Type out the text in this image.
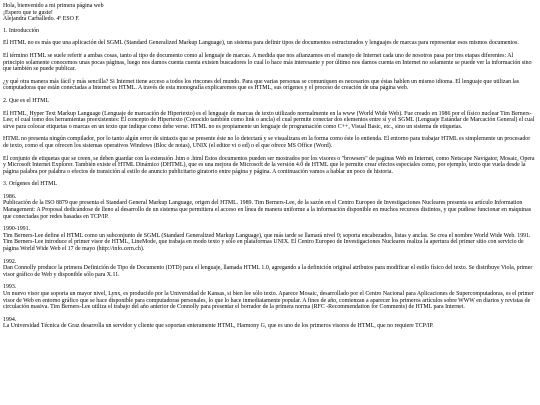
Hola, bienvenido a mi primera página web
¡Espero que te guste!
Alejandra Carballedo. 4º ESO F.

1. Introducción

El HTML no es más que una aplicación del SGML (Standard Generalized Markup Language), un sistema para definir tipos de documentos estructurados y lenguajes de marcas para representar esos mismos documentos.

El término HTML se suele referir a ambas cosas, tanto al tipo de documento como al lenguaje de marcas. A medida que nos afianzamos en el manejo de Internet cada uno de nosotros pasa por tres etapas diferentes: Al principio solamente conocemos unas pocas páginas, luego nos damos cuenta cuenta existen buscadores lo cual lo hace más interesante y por último nos damos cuenta en Internet no solamente se puede ver la información sino que también se puede publicar.

¿y qué otra manera más fácil y más sencilla? Si Internet tiene acceso a todos los rincones del mundo. Para que varias personas se comuniquen es necesarios que éstas hablen un mismo idioma. El lenguaje que utilizan las computadoras que están conectadas a Internet es HTML. A través de esta monografía explicaremos que es HTML, sus orígenes y el proceso de creación de una página web.

2. Que es el HTML

El HTML, Hyper Text Markup Language (Lenguaje de marcación de Hipertexto) es el lenguaje de marcas de texto utilizado normalmente en la www (World Wide Web). Fue creado en 1986 por el físico nuclear Tim Berners-Lee; el cual tomo dos herramientas preexistentes: El concepto de Hipertexto (Conocido también como link o ancla) el cual permite conectar dos elementos entre sí y el SGML (Lenguaje Estándar de Marcación General) el cual sirve para colocar etiquetas o marcas en un texto que indique como debe verse. HTML no es propiamente un lenguaje de programación como C++, Visual Basic, etc., sino un sistema de etiquetas.

HTML no presenta ningún compilador, por lo tanto algún error de sintaxis que se presente éste no lo detectará y se visualizara en la forma como éste lo entienda. El entorno para trabajar HTML es simplemente un procesador de texto, como el que ofrecen los sistemas operativos Windows (Bloc de notas), UNIX (el editor vi o ed) o el que ofrece MS Office (Word).

El conjunto de etiquetas que se creen, se deben guardar con la extensión .htm o .html Estos documentos pueden ser mostrados por los visores o "browsers" de paginas Web en Internet, como Netscape Navigator, Mosaic, Opera y Microsoft Internet Explorer. También existe el HTML Dinámico (DHTML), que es una mejora de Microsoft de la versión 4.0 de HTML que le permite crear efectos especiales como, por ejemplo, texto que vuela desde la página palabra por palabra o efectos de transición al estilo de anuncio publicitario giratorio entre página y página. A continuación vamos a hablar un poco de historia.

3. Orígenes del HTML

1986.

Publicación de la ISO 8879 que presenta el Standard General Markup Language, origen del HTML. 1989. Tim Berners-Lee, de la sazón en el Centro Europeo de Investigaciones Nucleares presenta su artículo Information Management: A Proposal dedicándose de lleno al desarrollo de un sistema que permitiera el acceso en línea de manera uniforme a la información disponible en muchos recursos distintos, y que pudiese funcionar en máquinas que conectadas por redes basadas en TCP/IP.

1990-1991.

Tim Berners-Lee define el HTML como un subconjunto de SGML (Standard Generalized Markup Language), que más tarde se llamará nivel 0; soporta encabezados, listas y anclas. Se crea el nombre World Wide Web. 1991. Tim Berners-Lee introduce el primer visor de HTML, LineMode, que trabaja en modo texto y sólo en plataformas UNIX. El Centro Europeo de Investigaciones Nucleares realiza la apertura del primer sitio con servicio de página World Wide Web el 17 de mayo (http://info.cern.ch).

1992.

Dan Connolly produce la primera Definición de Tipo de Documento (DTD) para el lenguaje, llamada HTML 1.0, agregando a la definición original atributos para modificar el estilo físico del texto. Se distribuye Viola, primer visor gráfico de Web y disponible sólo para X.11.

1993.

Un nuevo visor que soporta un mayor nivel, Lynx, es producido por la Universidad de Kansas, si bien lee sólo texto. Aparece Mosaic, desarrollado por el Centro Nacional para Aplicaciones de Supercomputadoras, es el primer visor de Web en entorno gráfico que se hace disponible para computadoras personales, lo que lo hace inmediatamente popular. A fines de año, comienzan a aparecer los primeros artículos sobre WWW en diarios y revistas de circulación masiva. Tim Berners-Lee utiliza el trabajo del año anterior de Connolly para presentar el borrador de la primera norma (RFC -Recommendation for Comments) de HTML para Internet.

1994.

La Universidad Técnica de Graz desarrolla un servidor y cliente que soportan enteramente HTML, Harmony G, que es uno de los primeros visores de HTML, que no requiere TCP/IP.
